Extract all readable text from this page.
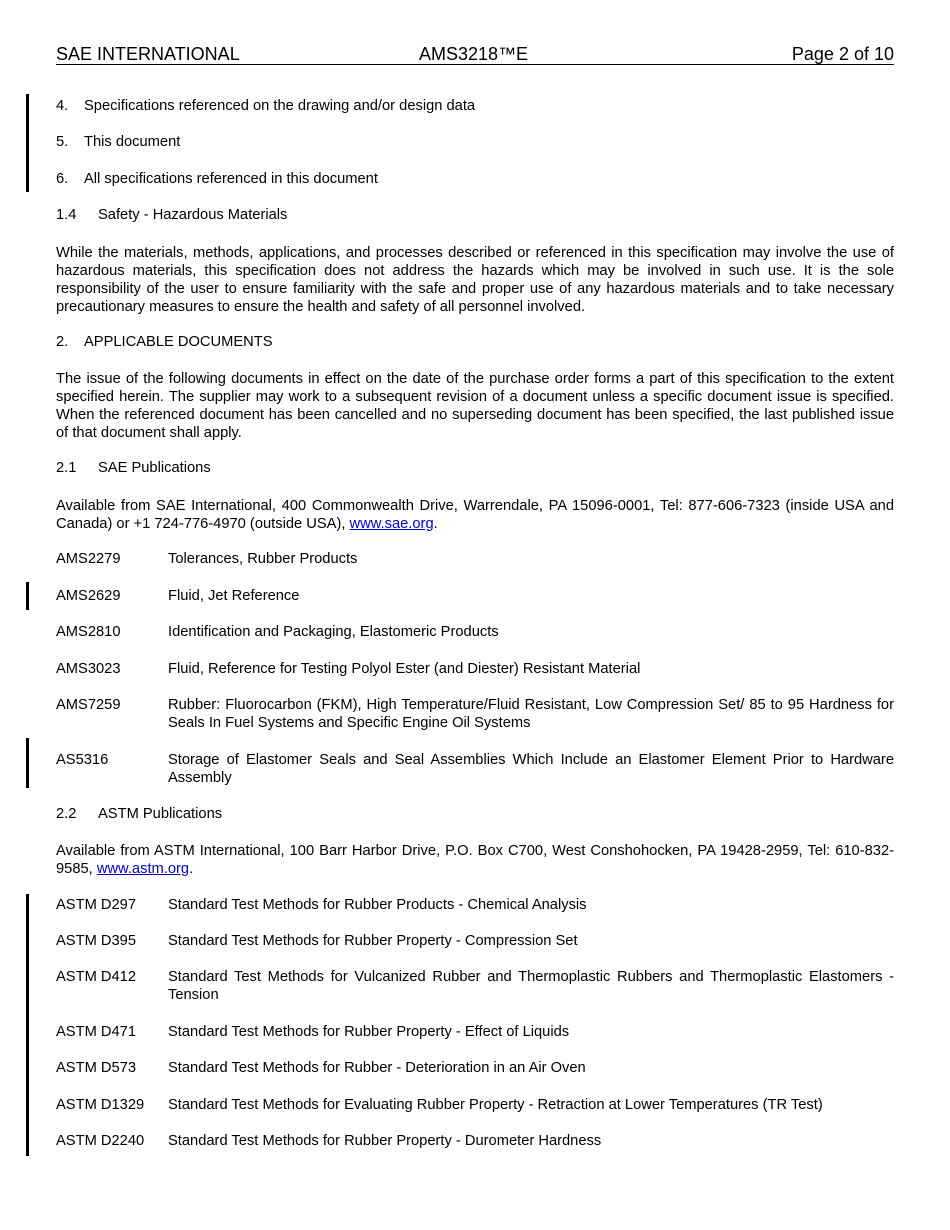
SAE INTERNATIONAL	AMS3218™E	Page 2 of 10
4. Specifications referenced on the drawing and/or design data
5. This document
6. All specifications referenced in this document
1.4 Safety - Hazardous Materials
While the materials, methods, applications, and processes described or referenced in this specification may involve the use of hazardous materials, this specification does not address the hazards which may be involved in such use. It is the sole responsibility of the user to ensure familiarity with the safe and proper use of any hazardous materials and to take necessary precautionary measures to ensure the health and safety of all personnel involved.
2. APPLICABLE DOCUMENTS
The issue of the following documents in effect on the date of the purchase order forms a part of this specification to the extent specified herein. The supplier may work to a subsequent revision of a document unless a specific document issue is specified. When the referenced document has been cancelled and no superseding document has been specified, the last published issue of that document shall apply.
2.1 SAE Publications
Available from SAE International, 400 Commonwealth Drive, Warrendale, PA 15096-0001, Tel: 877-606-7323 (inside USA and Canada) or +1 724-776-4970 (outside USA), www.sae.org.
AMS2279	Tolerances, Rubber Products
AMS2629	Fluid, Jet Reference
AMS2810	Identification and Packaging, Elastomeric Products
AMS3023	Fluid, Reference for Testing Polyol Ester (and Diester) Resistant Material
AMS7259	Rubber: Fluorocarbon (FKM), High Temperature/Fluid Resistant, Low Compression Set/ 85 to 95 Hardness for Seals In Fuel Systems and Specific Engine Oil Systems
AS5316	Storage of Elastomer Seals and Seal Assemblies Which Include an Elastomer Element Prior to Hardware Assembly
2.2 ASTM Publications
Available from ASTM International, 100 Barr Harbor Drive, P.O. Box C700, West Conshohocken, PA 19428-2959, Tel: 610-832-9585, www.astm.org.
ASTM D297 Standard Test Methods for Rubber Products - Chemical Analysis
ASTM D395 Standard Test Methods for Rubber Property - Compression Set
ASTM D412 Standard Test Methods for Vulcanized Rubber and Thermoplastic Rubbers and Thermoplastic Elastomers - Tension
ASTM D471 Standard Test Methods for Rubber Property - Effect of Liquids
ASTM D573 Standard Test Methods for Rubber - Deterioration in an Air Oven
ASTM D1329 Standard Test Methods for Evaluating Rubber Property - Retraction at Lower Temperatures (TR Test)
ASTM D2240 Standard Test Methods for Rubber Property - Durometer Hardness
